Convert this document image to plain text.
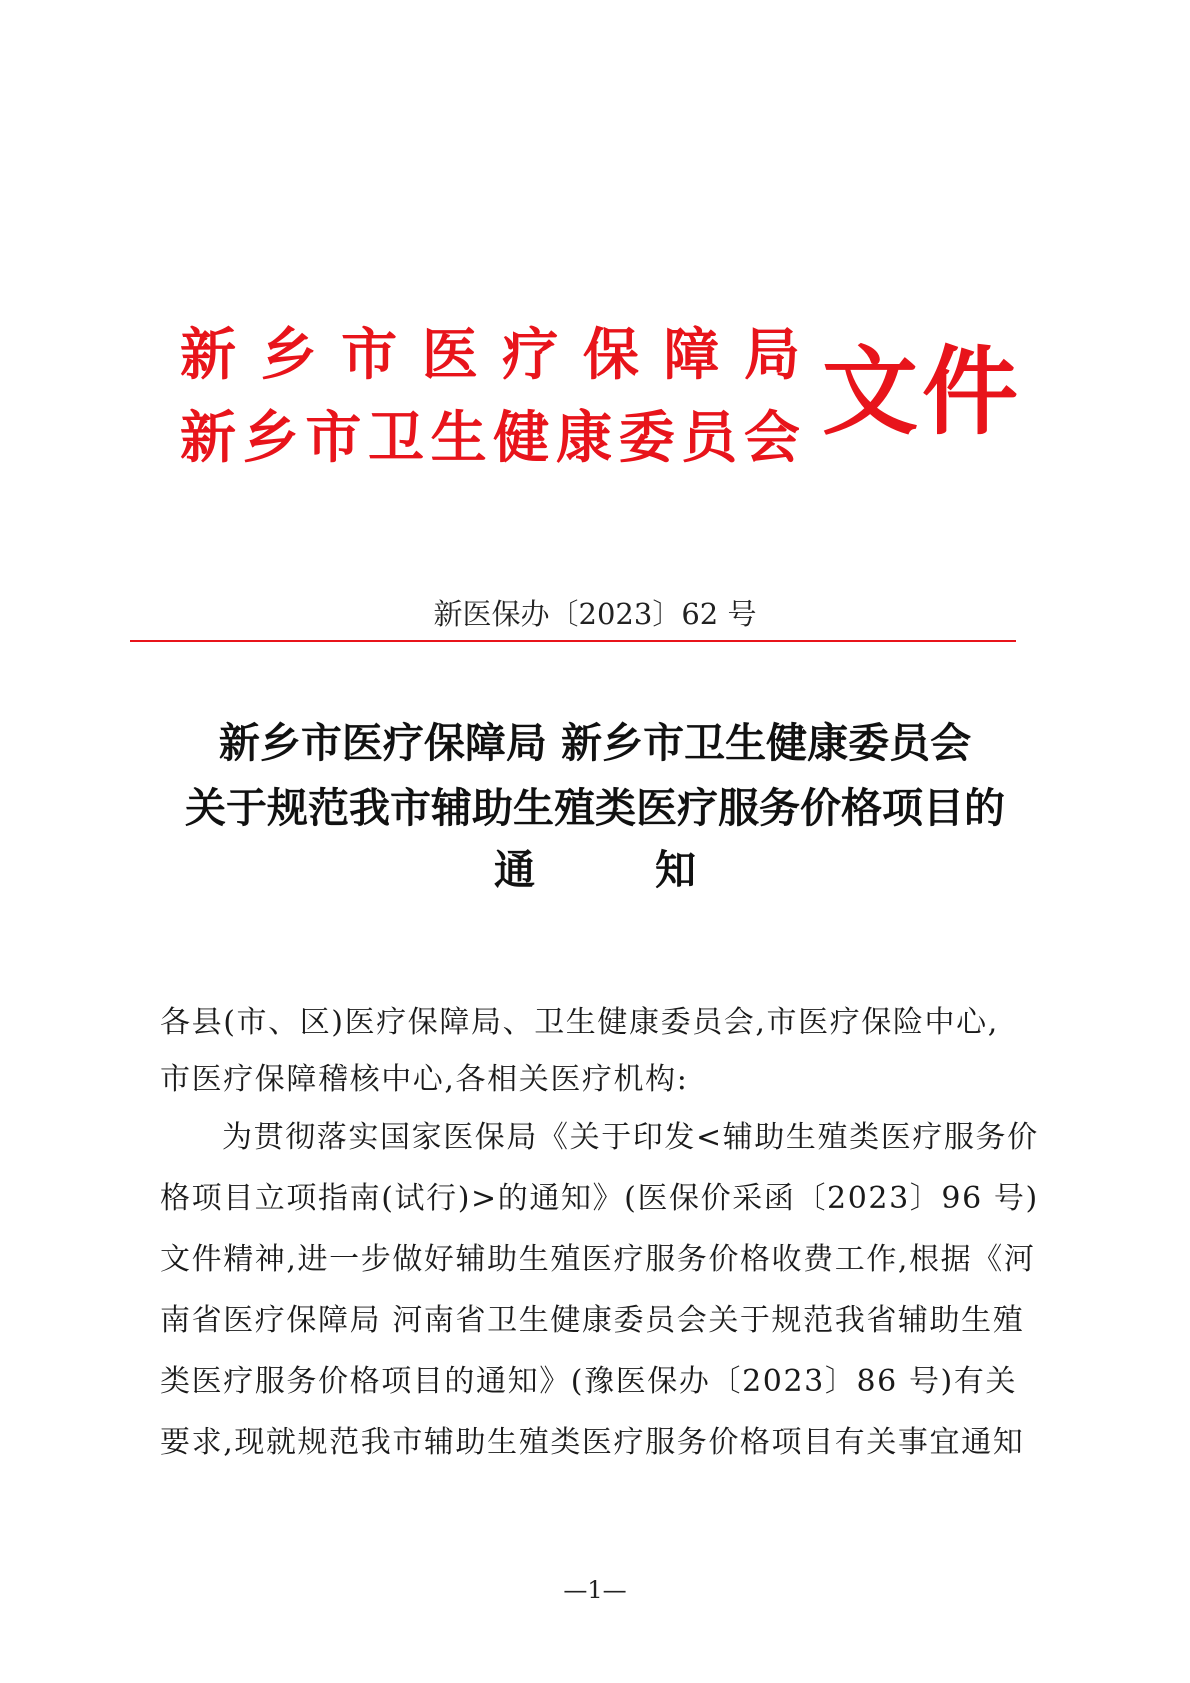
新 乡 市 医 疗 保 障 局
新 乡 市 卫 生 健 康 委 员 会 文件
新医保办〔2023〕62 号
新乡市医疗保障局 新乡市卫生健康委员会
关于规范我市辅助生殖类医疗服务价格项目的
通	知
各县(市、区)医疗保障局、卫生健康委员会,市医疗保险中心,
市医疗保障稽核中心,各相关医疗机构:
为贯彻落实国家医保局《关于印发<辅助生殖类医疗服务价
格项目立项指南(试行)>的通知》(医保价采函〔2023〕96 号)
文件精神,进一步做好辅助生殖医疗服务价格收费工作,根据《河
南省医疗保障局 河南省卫生健康委员会关于规范我省辅助生殖
类医疗服务价格项目的通知》(豫医保办〔2023〕86 号)有关
要求,现就规范我市辅助生殖类医疗服务价格项目有关事宜通知
—1—
